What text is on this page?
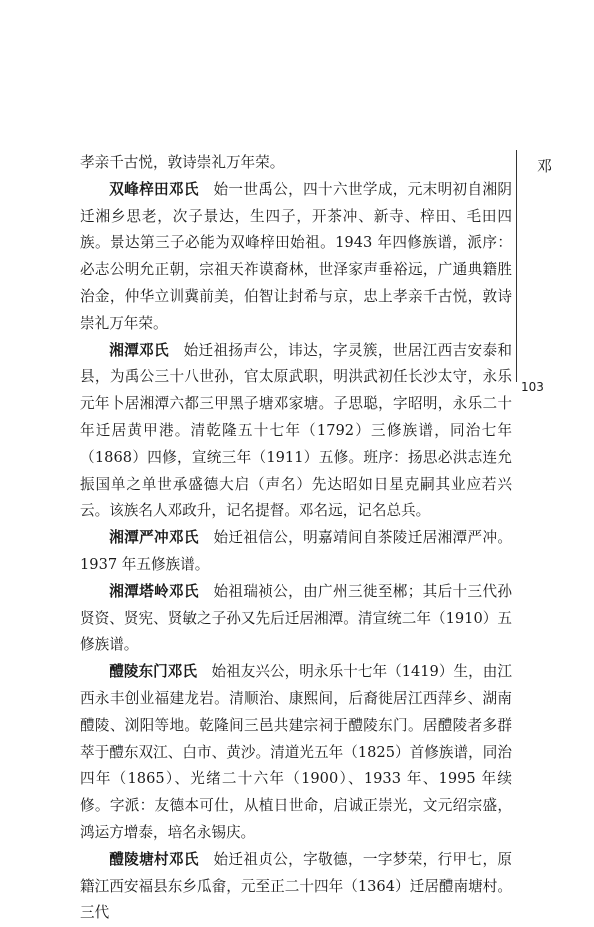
邓
103

孝亲千古悦，敦诗崇礼万年荣。

双峰梓田邓氏 始一世禹公，四十六世学成，元末明初自湘阴迁湘乡思老，次子景达，生四子，开茶冲、新寺、梓田、毛田四族。景达第三子必能为双峰梓田始祖。1943 年四修族谱，派序：必志公明允正朝，宗祖天祚谟裔林，世泽家声垂裕远，广通典籍胜治金，仲华立训冀前美，伯智让封希与京，忠上孝亲千古悦，敦诗崇礼万年荣。

湘潭邓氏 始迁祖扬声公，讳达，字灵簇，世居江西吉安泰和县，为禹公三十八世孙，官太原武职，明洪武初任长沙太守，永乐元年卜居湘潭六都三甲黑子塘邓家塘。子思聪，字昭明，永乐二十年迁居黄甲港。清乾隆五十七年（1792）三修族谱，同治七年（1868）四修，宣统三年（1911）五修。班序：扬思必洪志连允振国单之单世承盛德大启（声名）先达昭如日星克嗣其业应若兴云。该族名人邓政升，记名提督。邓名远，记名总兵。

湘潭严冲邓氏 始迁祖信公，明嘉靖间自茶陵迁居湘潭严冲。1937 年五修族谱。

湘潭塔岭邓氏 始祖瑞祯公，由广州三徙至郴；其后十三代孙贤资、贤宪、贤敏之子孙又先后迁居湘潭。清宣统二年（1910）五修族谱。

醴陵东门邓氏 始祖友兴公，明永乐十七年（1419）生，由江西永丰创业福建龙岩。清顺治、康熙间，后裔徙居江西萍乡、湖南醴陵、浏阳等地。乾隆间三邑共建宗祠于醴陵东门。居醴陵者多群萃于醴东双江、白市、黄沙。清道光五年（1825）首修族谱，同治四年（1865）、光绪二十六年（1900）、1933 年、1995 年续修。字派：友德本可仕，从植日世命，启诚正崇光，文元绍宗盛，鸿运方增泰，培名永锡庆。

醴陵塘村邓氏 始迁祖贞公，字敬德，一字梦荣，行甲七，原籍江西安福县东乡瓜畲，元至正二十四年（1364）迁居醴南塘村。三代
